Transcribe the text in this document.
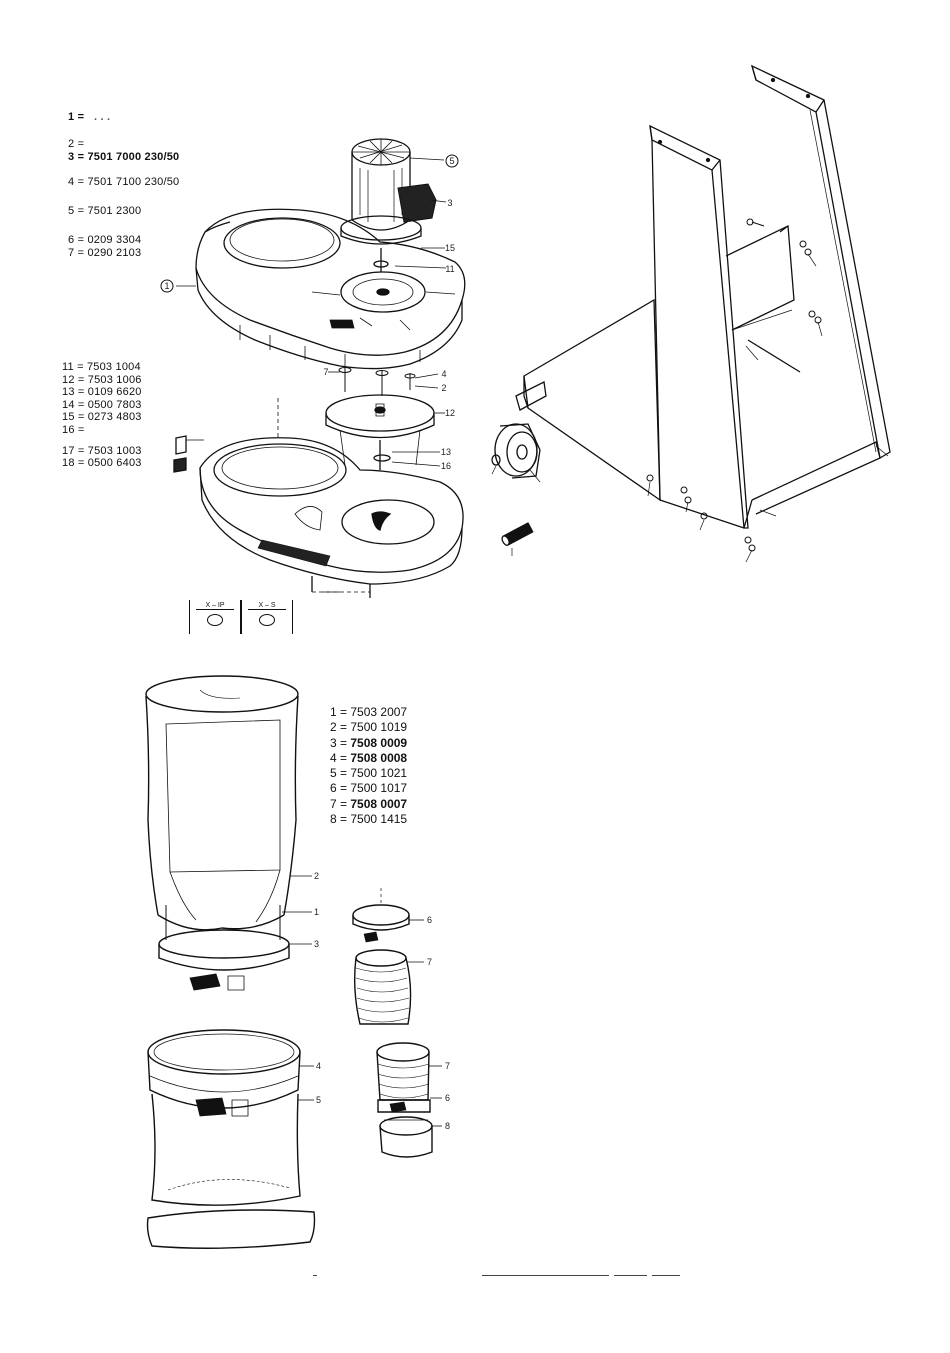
1 = . . .
2 =
3 = 7501 7000 230/50
4 = 7501 7100 230/50
5 = 7501 2300
6 = 0209 3304
7 = 0290 2103
11 = 7503 1004
12 = 7503 1006
13 = 0109 6620
14 = 0500 7803
15 = 0273 4803
16 =
17 = 7503 1003
18 = 0500 6403
1 = 7503 2007
2 = 7500 1019
3 = 7508 0009
4 = 7508 0008
5 = 7500 1021
6 = 7500 1017
7 = 7508 0007
8 = 7500 1415
5
3
1
15
11
4
2
12
13
16
7
X – IP	X – S
2
1
3
4
5
6
7
7
6
8
